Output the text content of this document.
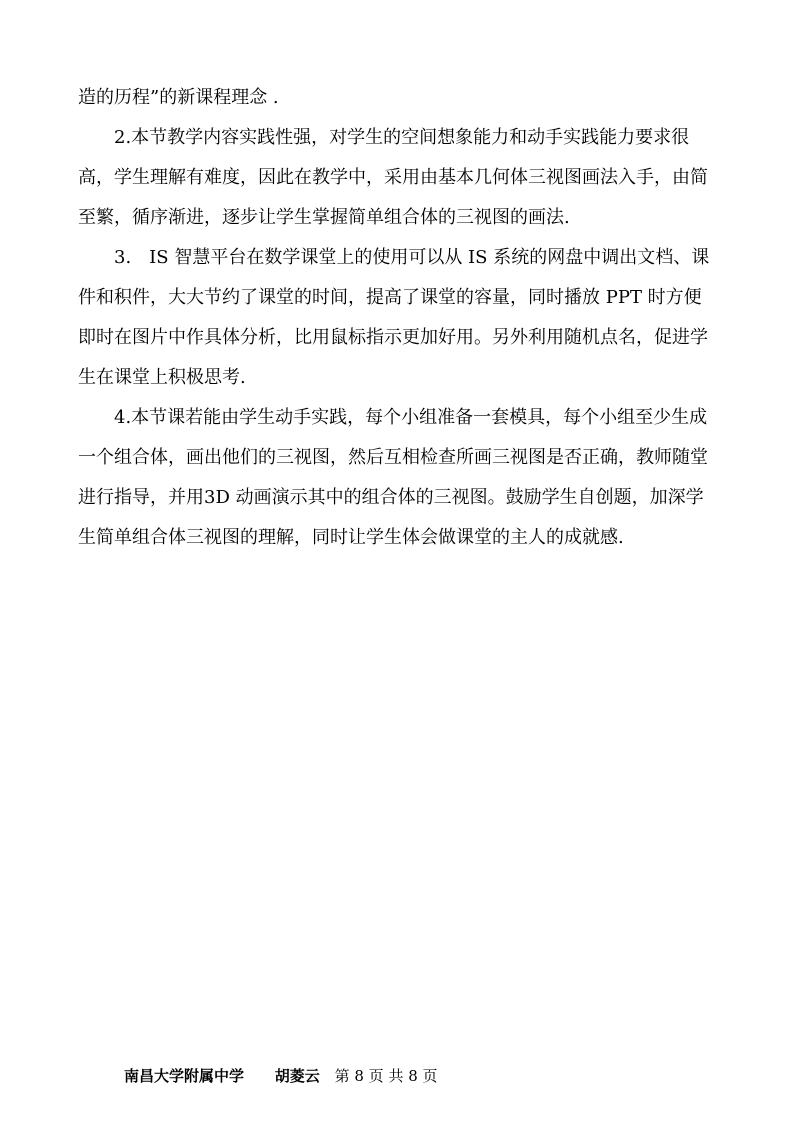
造的历程”的新课程理念 .

2.本节教学内容实践性强，对学生的空间想象能力和动手实践能力要求很高，学生理解有难度，因此在教学中，采用由基本几何体三视图画法入手，由简至繁，循序渐进，逐步让学生掌握简单组合体的三视图的画法.

3.　IS 智慧平台在数学课堂上的使用可以从 IS 系统的网盘中调出文档、课件和积件，大大节约了课堂的时间，提高了课堂的容量，同时播放 PPT 时方便即时在图片中作具体分析，比用鼠标指示更加好用。另外利用随机点名，促进学生在课堂上积极思考.

4.本节课若能由学生动手实践，每个小组准备一套模具，每个小组至少生成一个组合体，画出他们的三视图，然后互相检查所画三视图是否正确，教师随堂进行指导，并用3D 动画演示其中的组合体的三视图。鼓励学生自创题，加深学生简单组合体三视图的理解，同时让学生体会做课堂的主人的成就感.

南昌大学附属中学 胡菱云 第 8 页 共 8 页
